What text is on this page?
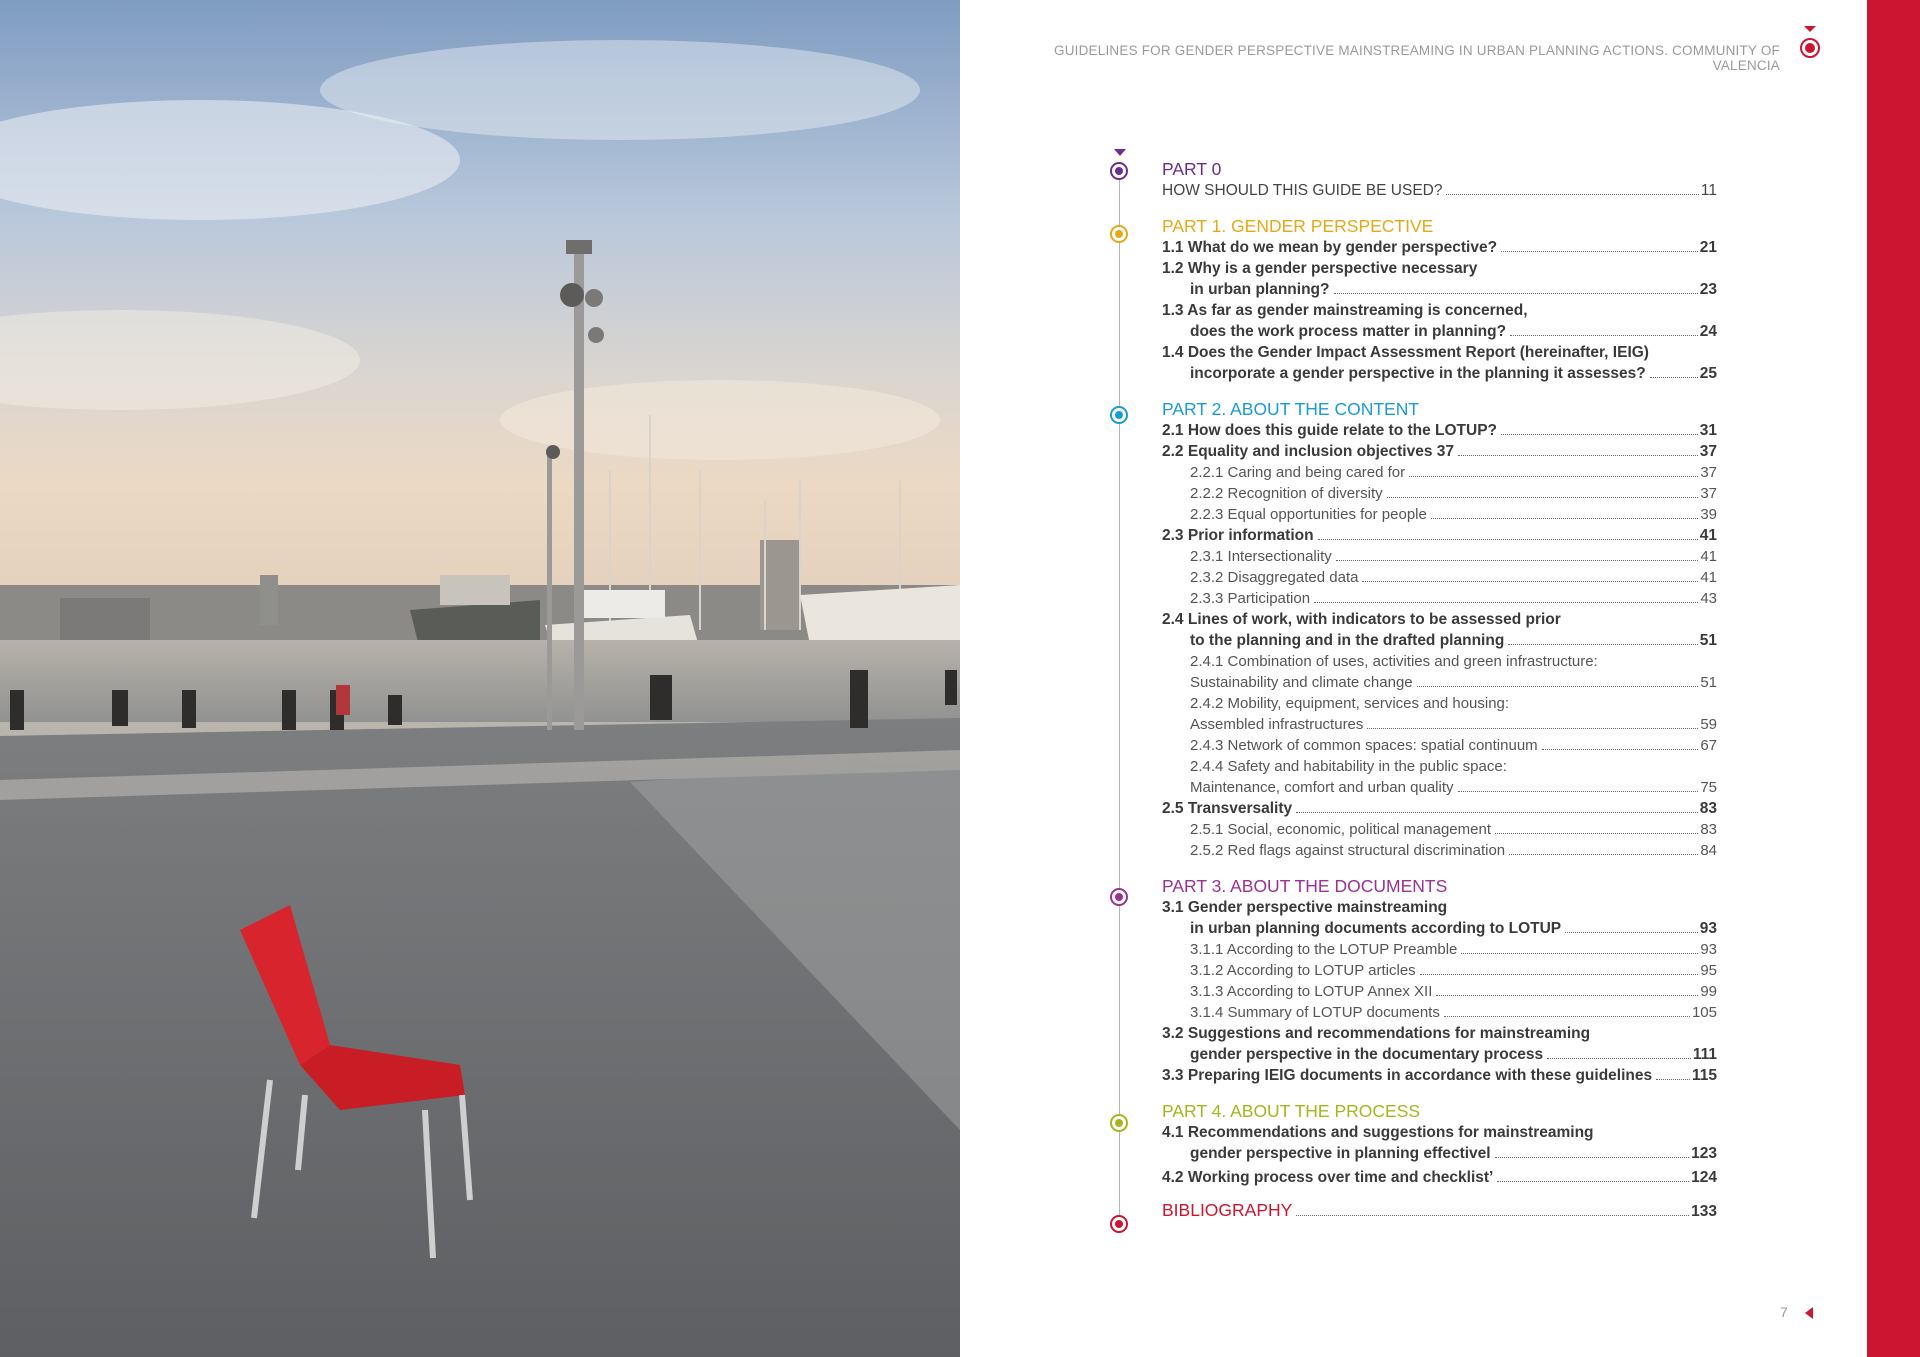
GUIDELINES FOR GENDER PERSPECTIVE MAINSTREAMING IN URBAN PLANNING ACTIONS. COMMUNITY OF VALENCIA
PART 0
HOW SHOULD THIS GUIDE BE USED?	11
PART 1. GENDER PERSPECTIVE
1.1 What do we mean by gender perspective?	21
1.2 Why is a gender perspective necessary
in urban planning?	23
1.3 As far as gender mainstreaming is concerned,
does the work process matter in planning?	24
1.4 Does the Gender Impact Assessment Report (hereinafter, IEIG)
incorporate a gender perspective in the planning it assesses?	25
PART 2. ABOUT THE CONTENT
2.1 How does this guide relate to the LOTUP?	31
2.2 Equality and inclusion objectives 37	37
2.2.1 Caring and being cared for	37
2.2.2 Recognition of diversity	37
2.2.3 Equal opportunities for people	39
2.3 Prior information	41
2.3.1 Intersectionality	41
2.3.2 Disaggregated data	41
2.3.3 Participation	43
2.4 Lines of work, with indicators to be assessed prior
to the planning and in the drafted planning	51
2.4.1 Combination of uses, activities and green infrastructure:
Sustainability and climate change	51
2.4.2 Mobility, equipment, services and housing:
Assembled infrastructures	59
2.4.3 Network of common spaces: spatial continuum	67
2.4.4 Safety and habitability in the public space:
Maintenance, comfort and urban quality	75
2.5 Transversality	83
2.5.1 Social, economic, political management	83
2.5.2 Red flags against structural discrimination	84
PART 3. ABOUT THE DOCUMENTS
3.1 Gender perspective mainstreaming
in urban planning documents according to LOTUP	93
3.1.1 According to the LOTUP Preamble	93
3.1.2 According to LOTUP articles	95
3.1.3 According to LOTUP Annex XII	99
3.1.4 Summary of LOTUP documents	105
3.2 Suggestions and recommendations for mainstreaming
gender perspective in the documentary process	111
3.3 Preparing IEIG documents in accordance with these guidelines	115
PART 4. ABOUT THE PROCESS
4.1 Recommendations and suggestions for mainstreaming
gender perspective in planning effectivel	123
4.2 Working process over time and checklist’	124
BIBLIOGRAPHY	133
7
